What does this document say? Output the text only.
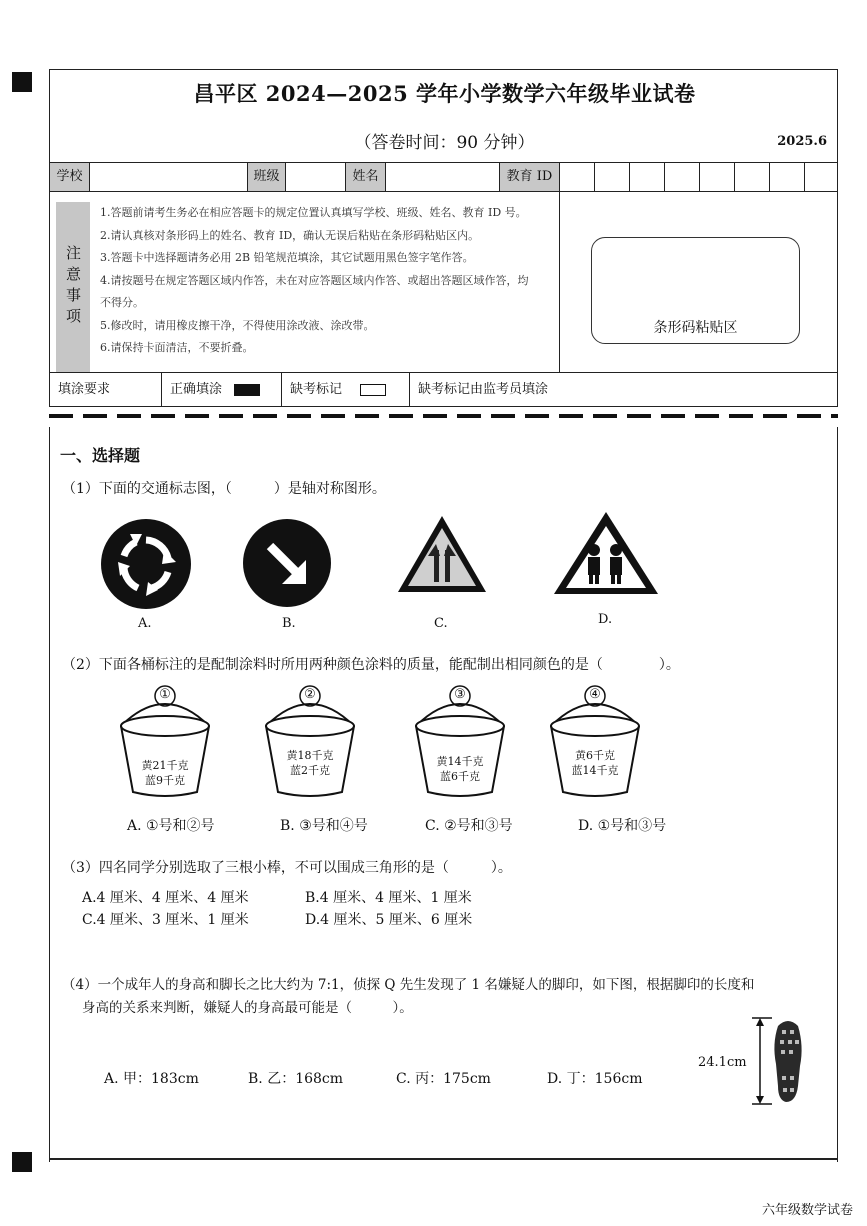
昌平区 2024—2025 学年小学数学六年级毕业试卷
（答卷时间：90 分钟）	2025.6
学校	班级	姓名	教育 ID
1.答题前请考生务必在相应答题卡的规定位置认真填写学校、班级、姓名、教育 ID 号。
2.请认真核对条形码上的姓名、教育 ID，确认无误后粘贴在条形码粘贴区内。
3.答题卡中选择题请务必用 2B 铅笔规范填涂，其它试题用黑色签字笔作答。
4.请按题号在规定答题区域内作答，未在对应答题区域内作答、或超出答题区域作答，均
不得分。
5.修改时，请用橡皮擦干净，不得使用涂改液、涂改带。
6.请保持卡面清洁，不要折叠。
注意事项	条形码粘贴区
填涂要求	正确填涂	缺考标记	缺考标记由监考员填涂
一、选择题
（1）下面的交通标志图，（　　　）是轴对称图形。
A.	B.	C.	D.
（2）下面各桶标注的是配制涂料时所用两种颜色涂料的质量，能配制出相同颜色的是（　　　　）。
①
黄21千克
蓝9千克
②
黄18千克
蓝2千克
③
黄14千克
蓝6千克
④
黄6千克
蓝14千克
A. ①号和②号	B. ③号和④号	C. ②号和③号	D. ①号和③号
（3）四名同学分别选取了三根小棒，不可以围成三角形的是（　　　）。
A.4 厘米、4 厘米、4 厘米	B.4 厘米、4 厘米、1 厘米
C.4 厘米、3 厘米、1 厘米	D.4 厘米、5 厘米、6 厘米
（4）一个成年人的身高和脚长之比大约为 7:1，侦探 Q 先生发现了 1 名嫌疑人的脚印，如下图，根据脚印的长度和
身高的关系来判断，嫌疑人的身高最可能是（　　　）。
A. 甲：183cm	B. 乙：168cm	C. 丙：175cm	D. 丁：156cm
24.1cm
六年级数学试卷
